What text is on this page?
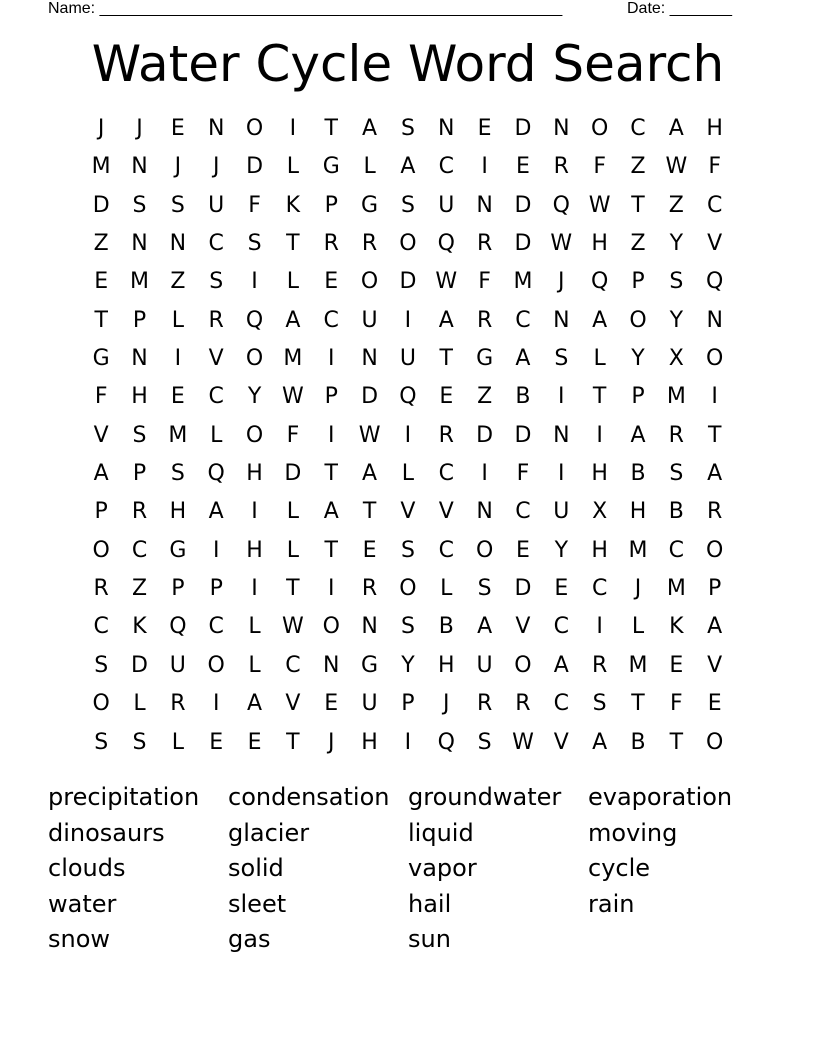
Name: ____________________________________________________	Date: _______
Water Cycle Word Search
J J E N O I T A S N E D N O C A H
M N J J D L G L A C I E R F Z W F
D S S U F K P G S U N D Q W T Z C
Z N N C S T R R O Q R D W H Z Y V
E M Z S I L E O D W F M J Q P S Q
T P L R Q A C U I A R C N A O Y N
G N I V O M I N U T G A S L Y X O
F H E C Y W P D Q E Z B I T P M I
V S M L O F I W I R D D N I A R T
A P S Q H D T A L C I F I H B S A
P R H A I L A T V V N C U X H B R
O C G I H L T E S C O E Y H M C O
R Z P P I T I R O L S D E C J M P
C K Q C L W O N S B A V C I L K A
S D U O L C N G Y H U O A R M E V
O L R I A V E U P J R R C S T F E
S S L E E T J H I Q S W V A B T O
precipitation	condensation groundwater	evaporation
dinosaurs	glacier	liquid	moving
clouds	solid	vapor	cycle
water	sleet	hail	rain
snow	gas	sun
